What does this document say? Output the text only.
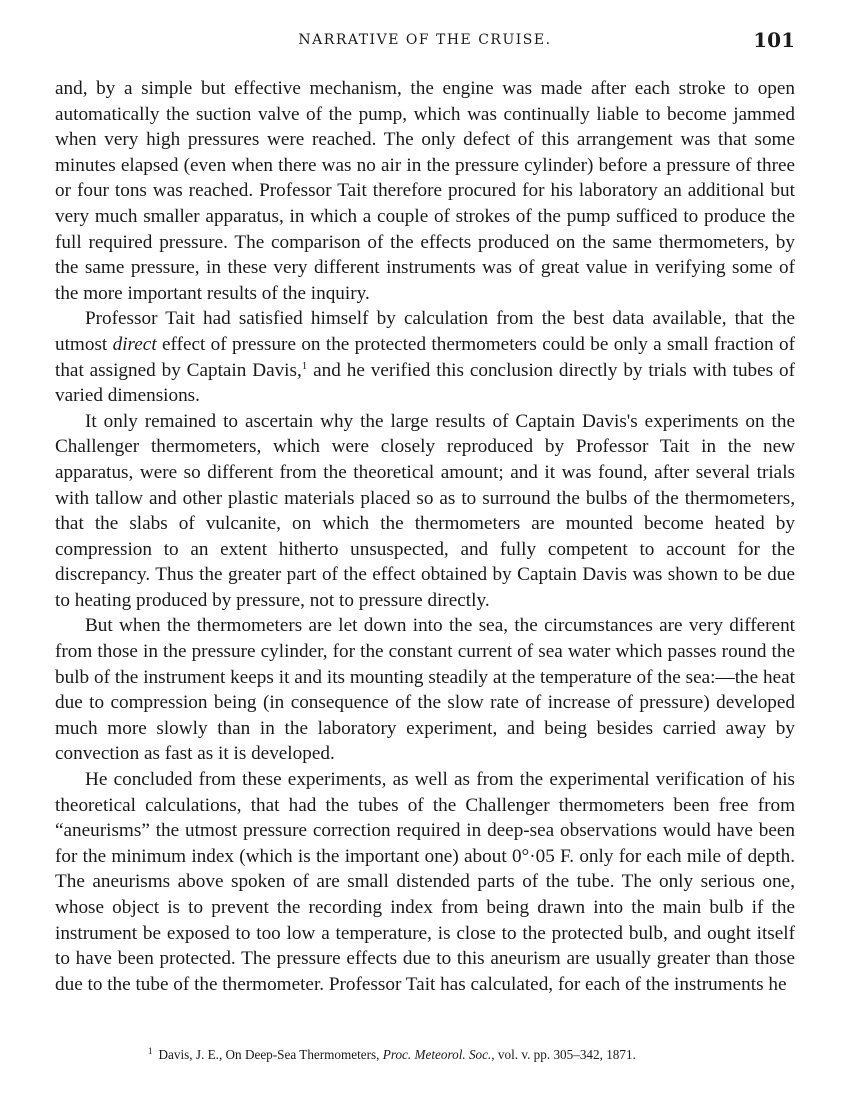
NARRATIVE OF THE CRUISE.	101

and, by a simple but effective mechanism, the engine was made after each stroke to open automatically the suction valve of the pump, which was continually liable to become jammed when very high pressures were reached. The only defect of this arrangement was that some minutes elapsed (even when there was no air in the pressure cylinder) before a pressure of three or four tons was reached. Professor Tait therefore procured for his laboratory an additional but very much smaller apparatus, in which a couple of strokes of the pump sufficed to produce the full required pressure. The comparison of the effects produced on the same thermometers, by the same pressure, in these very different instruments was of great value in verifying some of the more important results of the inquiry.

Professor Tait had satisfied himself by calculation from the best data available, that the utmost direct effect of pressure on the protected thermometers could be only a small fraction of that assigned by Captain Davis,$^1$ and he verified this conclusion directly by trials with tubes of varied dimensions.

It only remained to ascertain why the large results of Captain Davis's experiments on the Challenger thermometers, which were closely reproduced by Professor Tait in the new apparatus, were so different from the theoretical amount; and it was found, after several trials with tallow and other plastic materials placed so as to surround the bulbs of the thermometers, that the slabs of vulcanite, on which the thermometers are mounted become heated by compression to an extent hitherto unsuspected, and fully competent to account for the discrepancy. Thus the greater part of the effect obtained by Captain Davis was shown to be due to heating produced by pressure, not to pressure directly.

But when the thermometers are let down into the sea, the circumstances are very different from those in the pressure cylinder, for the constant current of sea water which passes round the bulb of the instrument keeps it and its mounting steadily at the temperature of the sea:—the heat due to compression being (in consequence of the slow rate of increase of pressure) developed much more slowly than in the laboratory experiment, and being besides carried away by convection as fast as it is developed.

He concluded from these experiments, as well as from the experimental verification of his theoretical calculations, that had the tubes of the Challenger thermometers been free from “aneurisms” the utmost pressure correction required in deep-sea observations would have been for the minimum index (which is the important one) about 0°·05 F. only for each mile of depth. The aneurisms above spoken of are small distended parts of the tube. The only serious one, whose object is to prevent the recording index from being drawn into the main bulb if the instrument be exposed to too low a temperature, is close to the protected bulb, and ought itself to have been protected. The pressure effects due to this aneurism are usually greater than those due to the tube of the thermometer. Professor Tait has calculated, for each of the instruments he

$^1$ Davis, J. E., On Deep-Sea Thermometers, Proc. Meteorol. Soc., vol. v. pp. 305–342, 1871.
